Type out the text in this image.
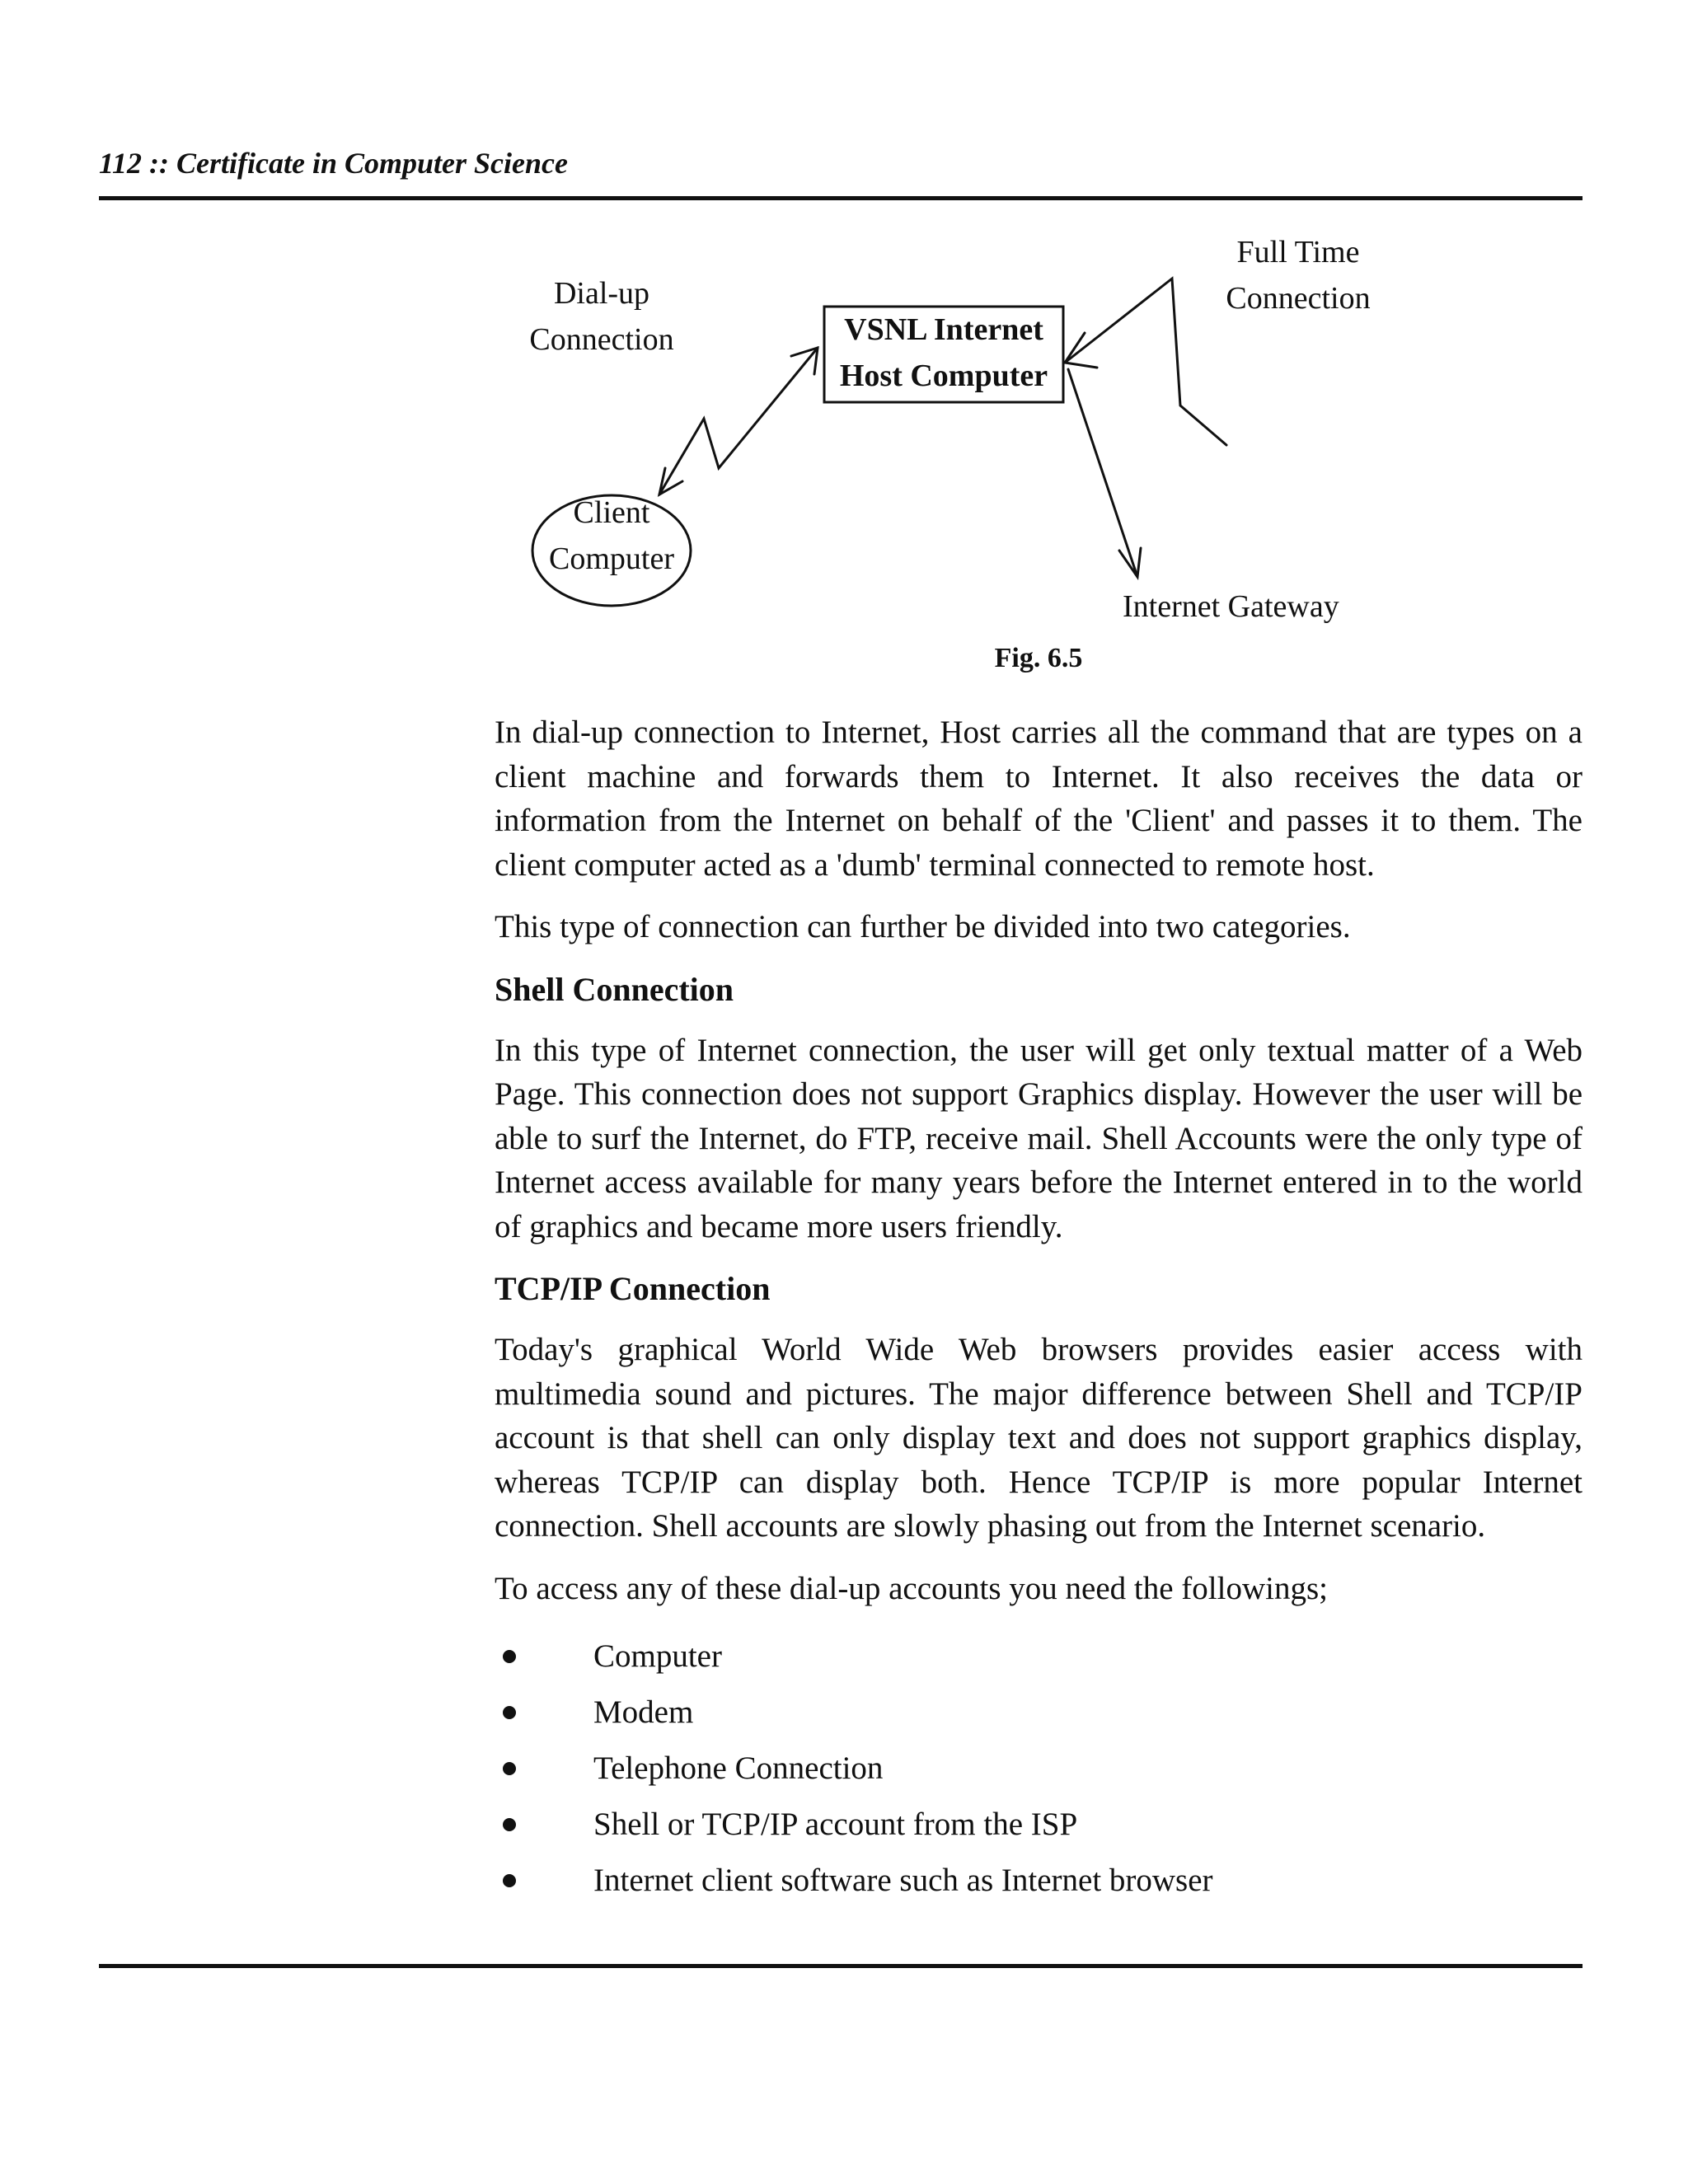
112 :: Certificate in Computer Science
Dial-up
Connection
Full Time
Connection
VSNL Internet
Host Computer
Client
Computer
Internet Gateway
Fig. 6.5

In dial-up connection to Internet, Host carries all the command that are types on a client machine and forwards them to Internet. It also receives the data or information from the Internet on behalf of the 'Client' and passes it to them. The client computer acted as a 'dumb' terminal connected to remote host.

This type of connection can further be divided into two categories.

Shell Connection

In this type of Internet connection, the user will get only textual matter of a Web Page. This connection does not support Graphics display. However the user will be able to surf the Internet, do FTP, receive mail. Shell Accounts were the only type of Internet access available for many years before the Internet entered in to the world of graphics and became more users friendly.

TCP/IP Connection

Today's graphical World Wide Web browsers provides easier access with multimedia sound and pictures. The major difference between Shell and TCP/IP account is that shell can only display text and does not support graphics display, whereas TCP/IP can display both. Hence TCP/IP is more popular Internet connection. Shell accounts are slowly phasing out from the Internet scenario.

To access any of these dial-up accounts you need the followings;

Computer
Modem
Telephone Connection
Shell or TCP/IP account from the ISP
Internet client software such as Internet browser
